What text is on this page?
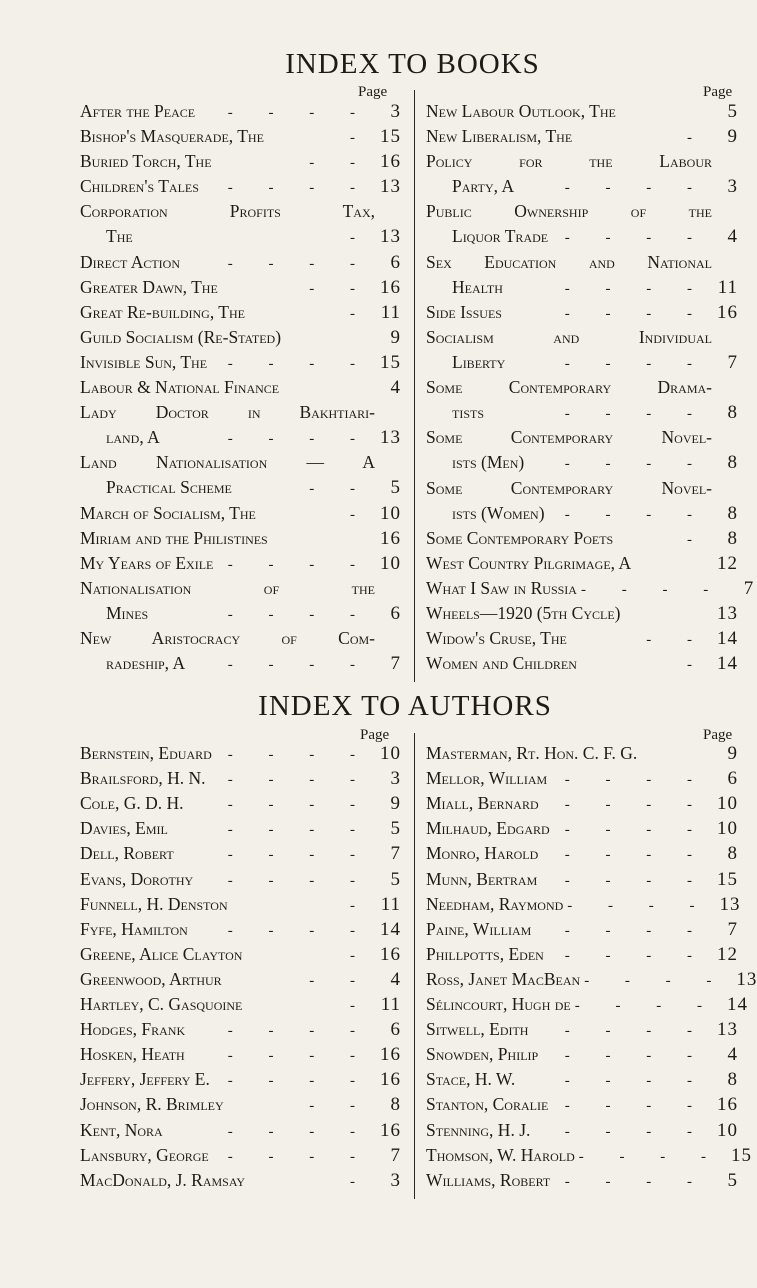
INDEX TO BOOKS
Page	Page
After the Peace	- - - -	3
Bishop's Masquerade, The	- 15
Buried Torch, The	- - 16
Children's Tales	- - - - 13
Corporation Profits Tax,
The	- 13
Direct Action	- - - -	6
Greater Dawn, The	- - 16
Great Re-building, The	- 11
Guild Socialism (Re-Stated)	9
Invisible Sun, The	- - - - 15
Labour & National Finance	4
Lady Doctor in Bakhtiari-
land, A	- - - - 13
Land Nationalisation — A
Practical Scheme	- -	5
March of Socialism, The	- 10
Miriam and the Philistines	16
My Years of Exile - - - - 10
Nationalisation of the
Mines	- - - -	6
New Aristocracy of Com-
radeship, A	- - - -	7
New Labour Outlook, The	5
New Liberalism, The	-	9
Policy for the Labour
Party, A	- - - -	3
Public Ownership of the
Liquor Trade	- - - -	4
Sex Education and National
Health	- - - - 11
Side Issues	- - - - 16
Socialism and Individual
Liberty	- - - -	7
Some Contemporary Drama-
tists	- - - -	8
Some Contemporary Novel-
ists (Men)	- - - -	8
Some Contemporary Novel-
ists (Women)	- - - -	8
Some Contemporary Poets	-	8
West Country Pilgrimage, A	12
What I Saw in Russia - - - -	7
Wheels—1920 (5th Cycle)	13
Widow's Cruse, The	- - 14
Women and Children	- 14
INDEX TO AUTHORS
Page	Page
Bernstein, Eduard	- - - - 10
Brailsford, H. N.	- - - -	3
Cole, G. D. H.	- - - -	9
Davies, Emil	- - - -	5
Dell, Robert	- - - -	7
Evans, Dorothy	- - - -	5
Funnell, H. Denston	- 11
Fyfe, Hamilton	- - - - 14
Greene, Alice Clayton	- 16
Greenwood, Arthur	- -	4
Hartley, C. Gasquoine	- 11
Hodges, Frank	- - - -	6
Hosken, Heath	- - - - 16
Jeffery, Jeffery E.	- - - - 16
Johnson, R. Brimley	- -	8
Kent, Nora	- - - - 16
Lansbury, George	- - - -	7
MacDonald, J. Ramsay	-	3
Masterman, Rt. Hon. C. F. G.	9
Mellor, William	- - - -	6
Miall, Bernard	- - - - 10
Milhaud, Edgard	- - - - 10
Monro, Harold	- - - -	8
Munn, Bertram	- - - - 15
Needham, Raymond - - - - 13
Paine, William	- - - -	7
Phillpotts, Eden	- - - - 12
Ross, Janet MacBean - - - - 13
Sélincourt, Hugh de - - - - 14
Sitwell, Edith	- - - - 13
Snowden, Philip	- - - -	4
Stace, H. W.	- - - -	8
Stanton, Coralie	- - - - 16
Stenning, H. J.	- - - - 10
Thomson, W. Harold - - - - 15
Williams, Robert - - - -	5
